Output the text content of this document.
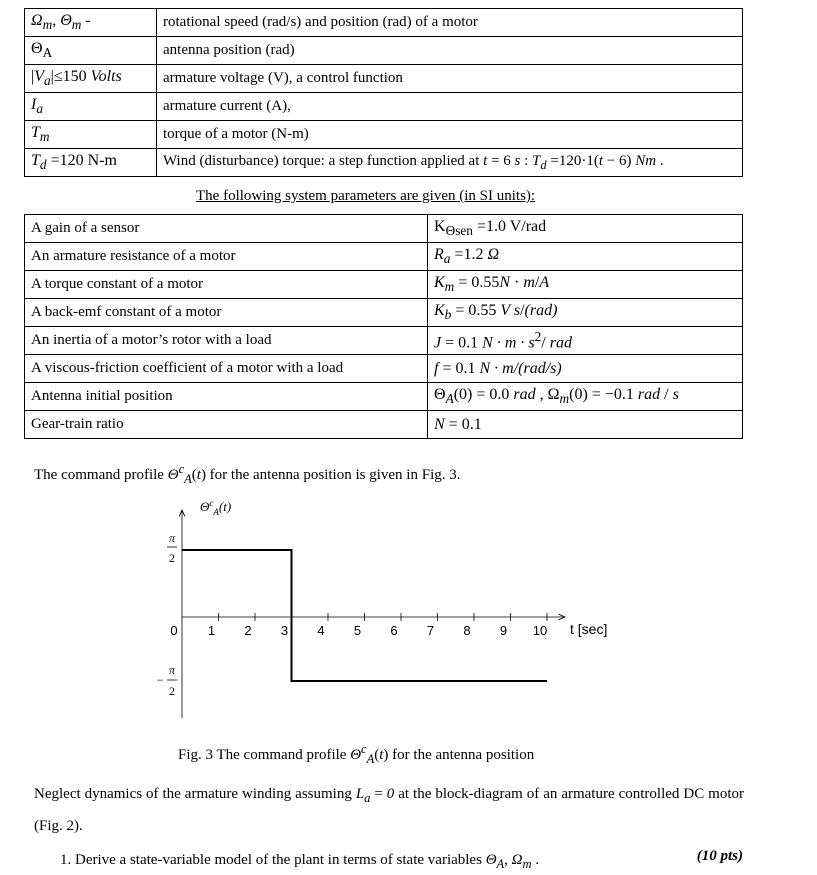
$\Omega_m$, $\Theta_m$ -	rotational speed (rad/s) and position (rad) of a motor
$\Theta_A$	antenna position (rad)
$|V_a|\le 150$ Volts	armature voltage (V), a control function
$I_a$	armature current (A),
$T_m$	torque of a motor (N-m)
$T_d =120$ N-m	Wind (disturbance) torque: a step function applied at t = 6 s : $T_d =120\cdot 1(t - 6)$ Nm .
The following system parameters are given (in SI units):
A gain of a sensor	$K_{\Theta sen} =1.0$ V/rad
An armature resistance of a motor	$R_a =1.2$ Ω
A torque constant of a motor	$K_m = 0.55N \cdot m/A$
A back-emf constant of a motor	$K_b = 0.55$ V s/(rad)
An inertia of a motor’s rotor with a load	J = 0.1 $N \cdot m \cdot s^2/$ rad
A viscous-friction coefficient of a motor with a load	f = 0.1 N · m/(rad/s)
Antenna initial position	$\Theta_A(0) = 0.0$ rad , $\Omega_m(0) = -0.1$ rad / s
Gear-train ratio	N = 0.1
The command profile $\Theta^c_A(t)$ for the antenna position is given in Fig. 3.
0 1 2 3 4 5 6 7 8 9 10
$\Theta^c_A(t)$
t [sec]
π
2
−
π
2
Fig. 3 The command profile $\Theta^c_A(t)$ for the antenna position
Neglect dynamics of the armature winding assuming $L_a = 0$ at the block-diagram of an armature controlled DC motor (Fig. 2).
1. Derive a state-variable model of the plant in terms of state variables $\Theta_A$, $\Omega_m$ .	(10 pts)
